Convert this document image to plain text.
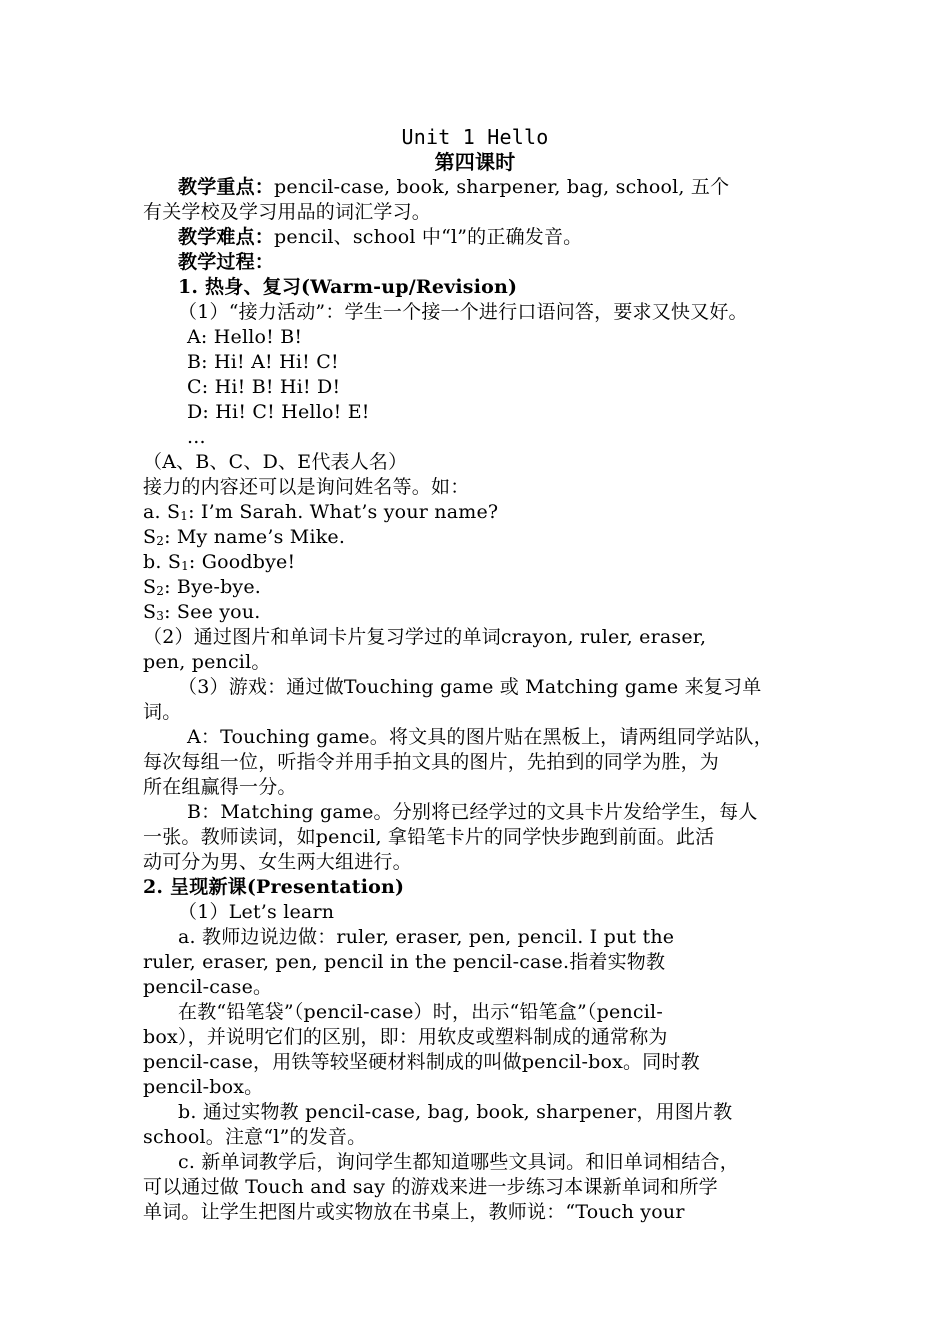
Unit 1 Hello
第四课时
教学重点：pencil-case, book, sharpener, bag, school, 五个
有关学校及学习用品的词汇学习。
教学难点：pencil、school 中“l”的正确发音。
教学过程：
1. 热身、复习(Warm-up/Revision)
（1）“接力活动”：学生一个接一个进行口语问答，要求又快又好。
A: Hello! B!
B: Hi! A! Hi! C!
C: Hi! B! Hi! D!
D: Hi! C! Hello! E!
...
（A、B、C、D、E代表人名）
接力的内容还可以是询问姓名等。如：
a. $S_1$: I’m Sarah. What’s your name?
$S_2$: My name’s Mike.
b. $S_1$: Goodbye!
$S_2$: Bye-bye.
$S_3$: See you.
（2）通过图片和单词卡片复习学过的单词crayon, ruler, eraser,
pen, pencil。
（3）游戏：通过做Touching game 或 Matching game 来复习单
词。
A：Touching game。将文具的图片贴在黑板上，请两组同学站队，
每次每组一位，听指令并用手拍文具的图片，先拍到的同学为胜，为
所在组赢得一分。
B：Matching game。分别将已经学过的文具卡片发给学生，每人
一张。教师读词，如pencil, 拿铅笔卡片的同学快步跑到前面。此活
动可分为男、女生两大组进行。
2. 呈现新课(Presentation)
（1）Let’s learn
a. 教师边说边做：ruler, eraser, pen, pencil. I put the
ruler, eraser, pen, pencil in the pencil-case.指着实物教
pencil-case。
在教“铅笔袋”（pencil-case）时，出示“铅笔盒”（pencil-
box），并说明它们的区别，即：用软皮或塑料制成的通常称为
pencil-case，用铁等较坚硬材料制成的叫做pencil-box。同时教
pencil-box。
b. 通过实物教 pencil-case, bag, book, sharpener，用图片教
school。注意“l”的发音。
c. 新单词教学后，询问学生都知道哪些文具词。和旧单词相结合，
可以通过做 Touch and say 的游戏来进一步练习本课新单词和所学
单词。让学生把图片或实物放在书桌上，教师说：“Touch your
